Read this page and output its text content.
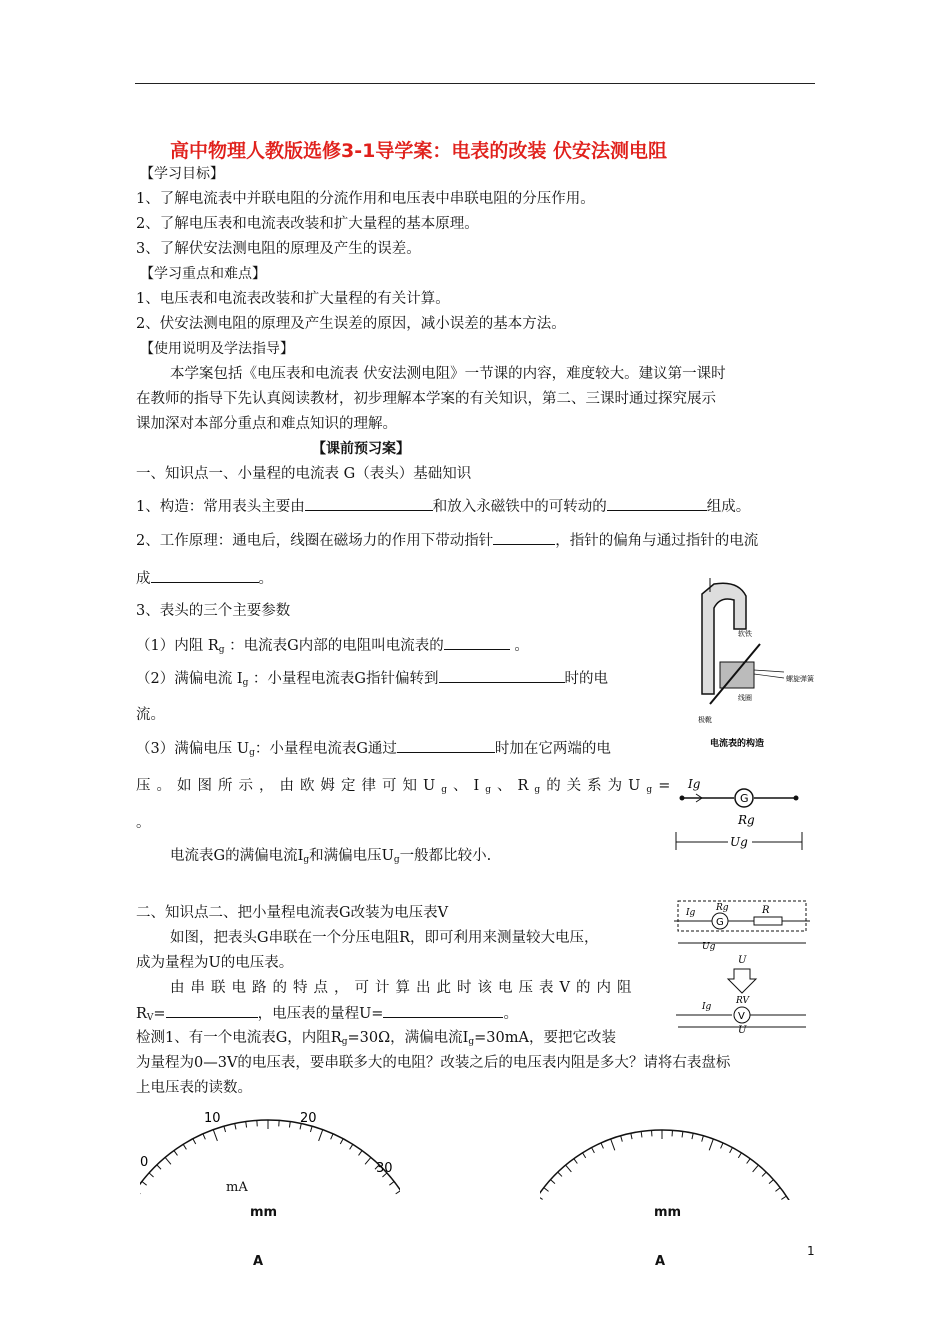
高中物理人教版选修3-1导学案：电表的改装 伏安法测电阻
【学习目标】
1、了解电流表中并联电阻的分流作用和电压表中串联电阻的分压作用。
2、了解电压表和电流表改装和扩大量程的基本原理。
3、了解伏安法测电阻的原理及产生的误差。
【学习重点和难点】
1、电压表和电流表改装和扩大量程的有关计算。
2、伏安法测电阻的原理及产生误差的原因，减小误差的基本方法。
【使用说明及学法指导】
本学案包括《电压表和电流表 伏安法测电阻》一节课的内容，难度较大。建议第一课时
在教师的指导下先认真阅读教材，初步理解本学案的有关知识，第二、三课时通过探究展示
课加深对本部分重点和难点知识的理解。
【课前预习案】
一、知识点一、小量程的电流表 G（表头）基础知识
1、构造：常用表头主要由	和放入永磁铁中的可转动的	组成。
2、工作原理：通电后，线圈在磁场力的作用下带动指针	，指针的偏角与通过指针的电流
成	。
3、表头的三个主要参数
（1）内阻 $R_g$ ：电流表G内部的电阻叫电流表的	。
（2）满偏电流 $I_g$ ：小量程电流表G指针偏转到	时的电
流。
（3）满偏电压 $U_g$：小量程电流表G通过	时加在它两端的电
压。如图所示，由欧姆定律可知$U_g$、$I_g$、$R_g$的关系为$U_g=$
。
电流表G的满偏电流$I_g$和满偏电压$U_g$一般都比较小.
二、知识点二、把小量程电流表G改装为电压表V
如图，把表头G串联在一个分压电阻R，即可利用来测量较大电压，
成为量程为U的电压表。
由串联电路的特点，可计算出此时该电压表V的内阻
$R_V=$	，电压表的量程U=	。
检测1、有一个电流表G，内阻$R_g=30\Omega$，满偏电流$I_g=30mA$，要把它改装
为量程为0—3V的电压表，要串联多大的电阻？改装之后的电压表内阻是多大？请将右表盘标
上电压表的读数。
螺旋弹簧
软铁
线圈
极靴
电流表的构造
G
Ig
Rg
Ug
G
Ig Rg	R
Ug
U
V
Ig
RV
U
0
10	20
30
mA
mm
A
mm
A
1
